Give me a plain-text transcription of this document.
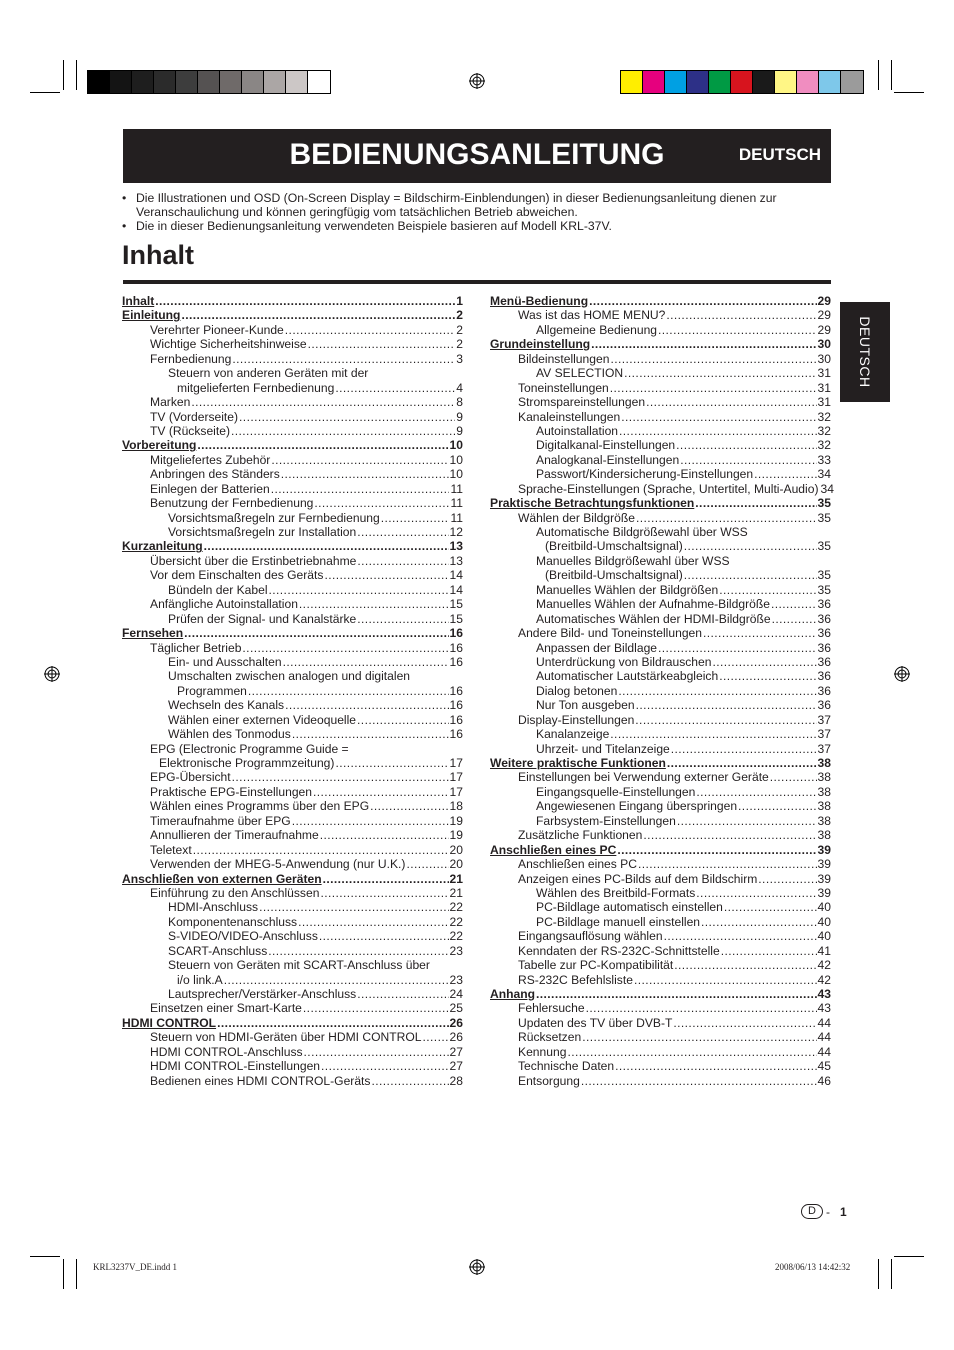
BEDIENUNGSANLEITUNG	DEUTSCH
• Die Illustrationen und OSD (On-Screen Display = Bildschirm-Einblendungen) in dieser Bedienungsanleitung dienen zur Veranschaulichung und können geringfügig vom tatsächlichen Betrieb abweichen.
• Die in dieser Bedienungsanleitung verwendeten Beispiele basieren auf Modell KRL-37V.
Inhalt
Inhalt .....	1
Einleitung .....	2
Verehrter Pioneer-Kunde .....	2
Wichtige Sicherheitshinweise .....	2
Fernbedienung .....	3
Steuern von anderen Geräten mit der
mitgelieferten Fernbedienung .....	4
Marken .....	8
TV (Vorderseite) .....	9
TV (Rückseite) .....	9
Vorbereitung .....	10
Mitgeliefertes Zubehör .....	10
Anbringen des Ständers .....	10
Einlegen der Batterien .....	11
Benutzung der Fernbedienung .....	11
Vorsichtsmaßregeln zur Fernbedienung .....	11
Vorsichtsmaßregeln zur Installation .....	12
Kurzanleitung .....	13
Übersicht über die Erstinbetriebnahme .....	13
Vor dem Einschalten des Geräts .....	14
Bündeln der Kabel .....	14
Anfängliche Autoinstallation .....	15
Prüfen der Signal- und Kanalstärke .....	15
Fernsehen .....	16
Täglicher Betrieb .....	16
Ein- und Ausschalten .....	16
Umschalten zwischen analogen und digitalen
Programmen .....	16
Wechseln des Kanals .....	16
Wählen einer externen Videoquelle .....	16
Wählen des Tonmodus .....	16
EPG (Electronic Programme Guide =
Elektronische Programmzeitung) .....	17
EPG-Übersicht .....	17
Praktische EPG-Einstellungen .....	17
Wählen eines Programms über den EPG .....	18
Timeraufnahme über EPG .....	19
Annullieren der Timeraufnahme .....	19
Teletext .....	20
Verwenden der MHEG-5-Anwendung (nur U.K.) .....	20
Anschließen von externen Geräten .....	21
Einführung zu den Anschlüssen .....	21
HDMI-Anschluss .....	22
Komponentenanschluss .....	22
S-VIDEO/VIDEO-Anschluss .....	22
SCART-Anschluss .....	23
Steuern von Geräten mit SCART-Anschluss über
i/o link.A .....	23
Lautsprecher/Verstärker-Anschluss .....	24
Einsetzen einer Smart-Karte .....	25
HDMI CONTROL .....	26
Steuern von HDMI-Geräten über HDMI CONTROL ..... 26
HDMI CONTROL-Anschluss .....	27
HDMI CONTROL-Einstellungen .....	27
Bedienen eines HDMI CONTROL-Geräts .....	28
Menü-Bedienung .....	29
Was ist das HOME MENU? .....	29
Allgemeine Bedienung .....	29
Grundeinstellung .....	30
Bildeinstellungen .....	30
AV SELECTION .....	31
Toneinstellungen .....	31
Stromspareinstellungen .....	31
Kanaleinstellungen .....	32
Autoinstallation .....	32
Digitalkanal-Einstellungen .....	32
Analogkanal-Einstellungen .....	33
Passwort/Kindersicherung-Einstellungen .....	34
Sprache-Einstellungen (Sprache, Untertitel, Multi-Audio) 34
Praktische Betrachtungsfunktionen .....	35
Wählen der Bildgröße .....	35
Automatische Bildgrößewahl über WSS
(Breitbild-Umschaltsignal) .....	35
Manuelles Bildgrößewahl über WSS
(Breitbild-Umschaltsignal) .....	35
Manuelles Wählen der Bildgrößen .....	35
Manuelles Wählen der Aufnahme-Bildgröße .....	36
Automatisches Wählen der HDMI-Bildgröße .....	36
Andere Bild- und Toneinstellungen .....	36
Anpassen der Bildlage .....	36
Unterdrückung von Bildrauschen .....	36
Automatischer Lautstärkeabgleich .....	36
Dialog betonen .....	36
Nur Ton ausgeben .....	36
Display-Einstellungen .....	37
Kanalanzeige .....	37
Uhrzeit- und Titelanzeige .....	37
Weitere praktische Funktionen .....	38
Einstellungen bei Verwendung externer Geräte .....	38
Eingangsquelle-Einstellungen .....	38
Angewiesenen Eingang überspringen .....	38
Farbsystem-Einstellungen .....	38
Zusätzliche Funktionen .....	38
Anschließen eines PC .....	39
Anschließen eines PC .....	39
Anzeigen eines PC-Bilds auf dem Bildschirm .....	39
Wählen des Breitbild-Formats .....	39
PC-Bildlage automatisch einstellen .....	40
PC-Bildlage manuell einstellen .....	40
Eingangsauflösung wählen .....	40
Kenndaten der RS-232C-Schnittstelle .....	41
Tabelle zur PC-Kompatibilität .....	42
RS-232C Befehlsliste .....	42
Anhang .....	43
Fehlersuche .....	43
Updaten des TV über DVB-T .....	44
Rücksetzen .....	44
Kennung .....	44
Technische Daten .....	45
Entsorgung .....	46
DEUTSCH
D - 1
KRL3237V_DE.indd 1	2008/06/13 14:42:32
